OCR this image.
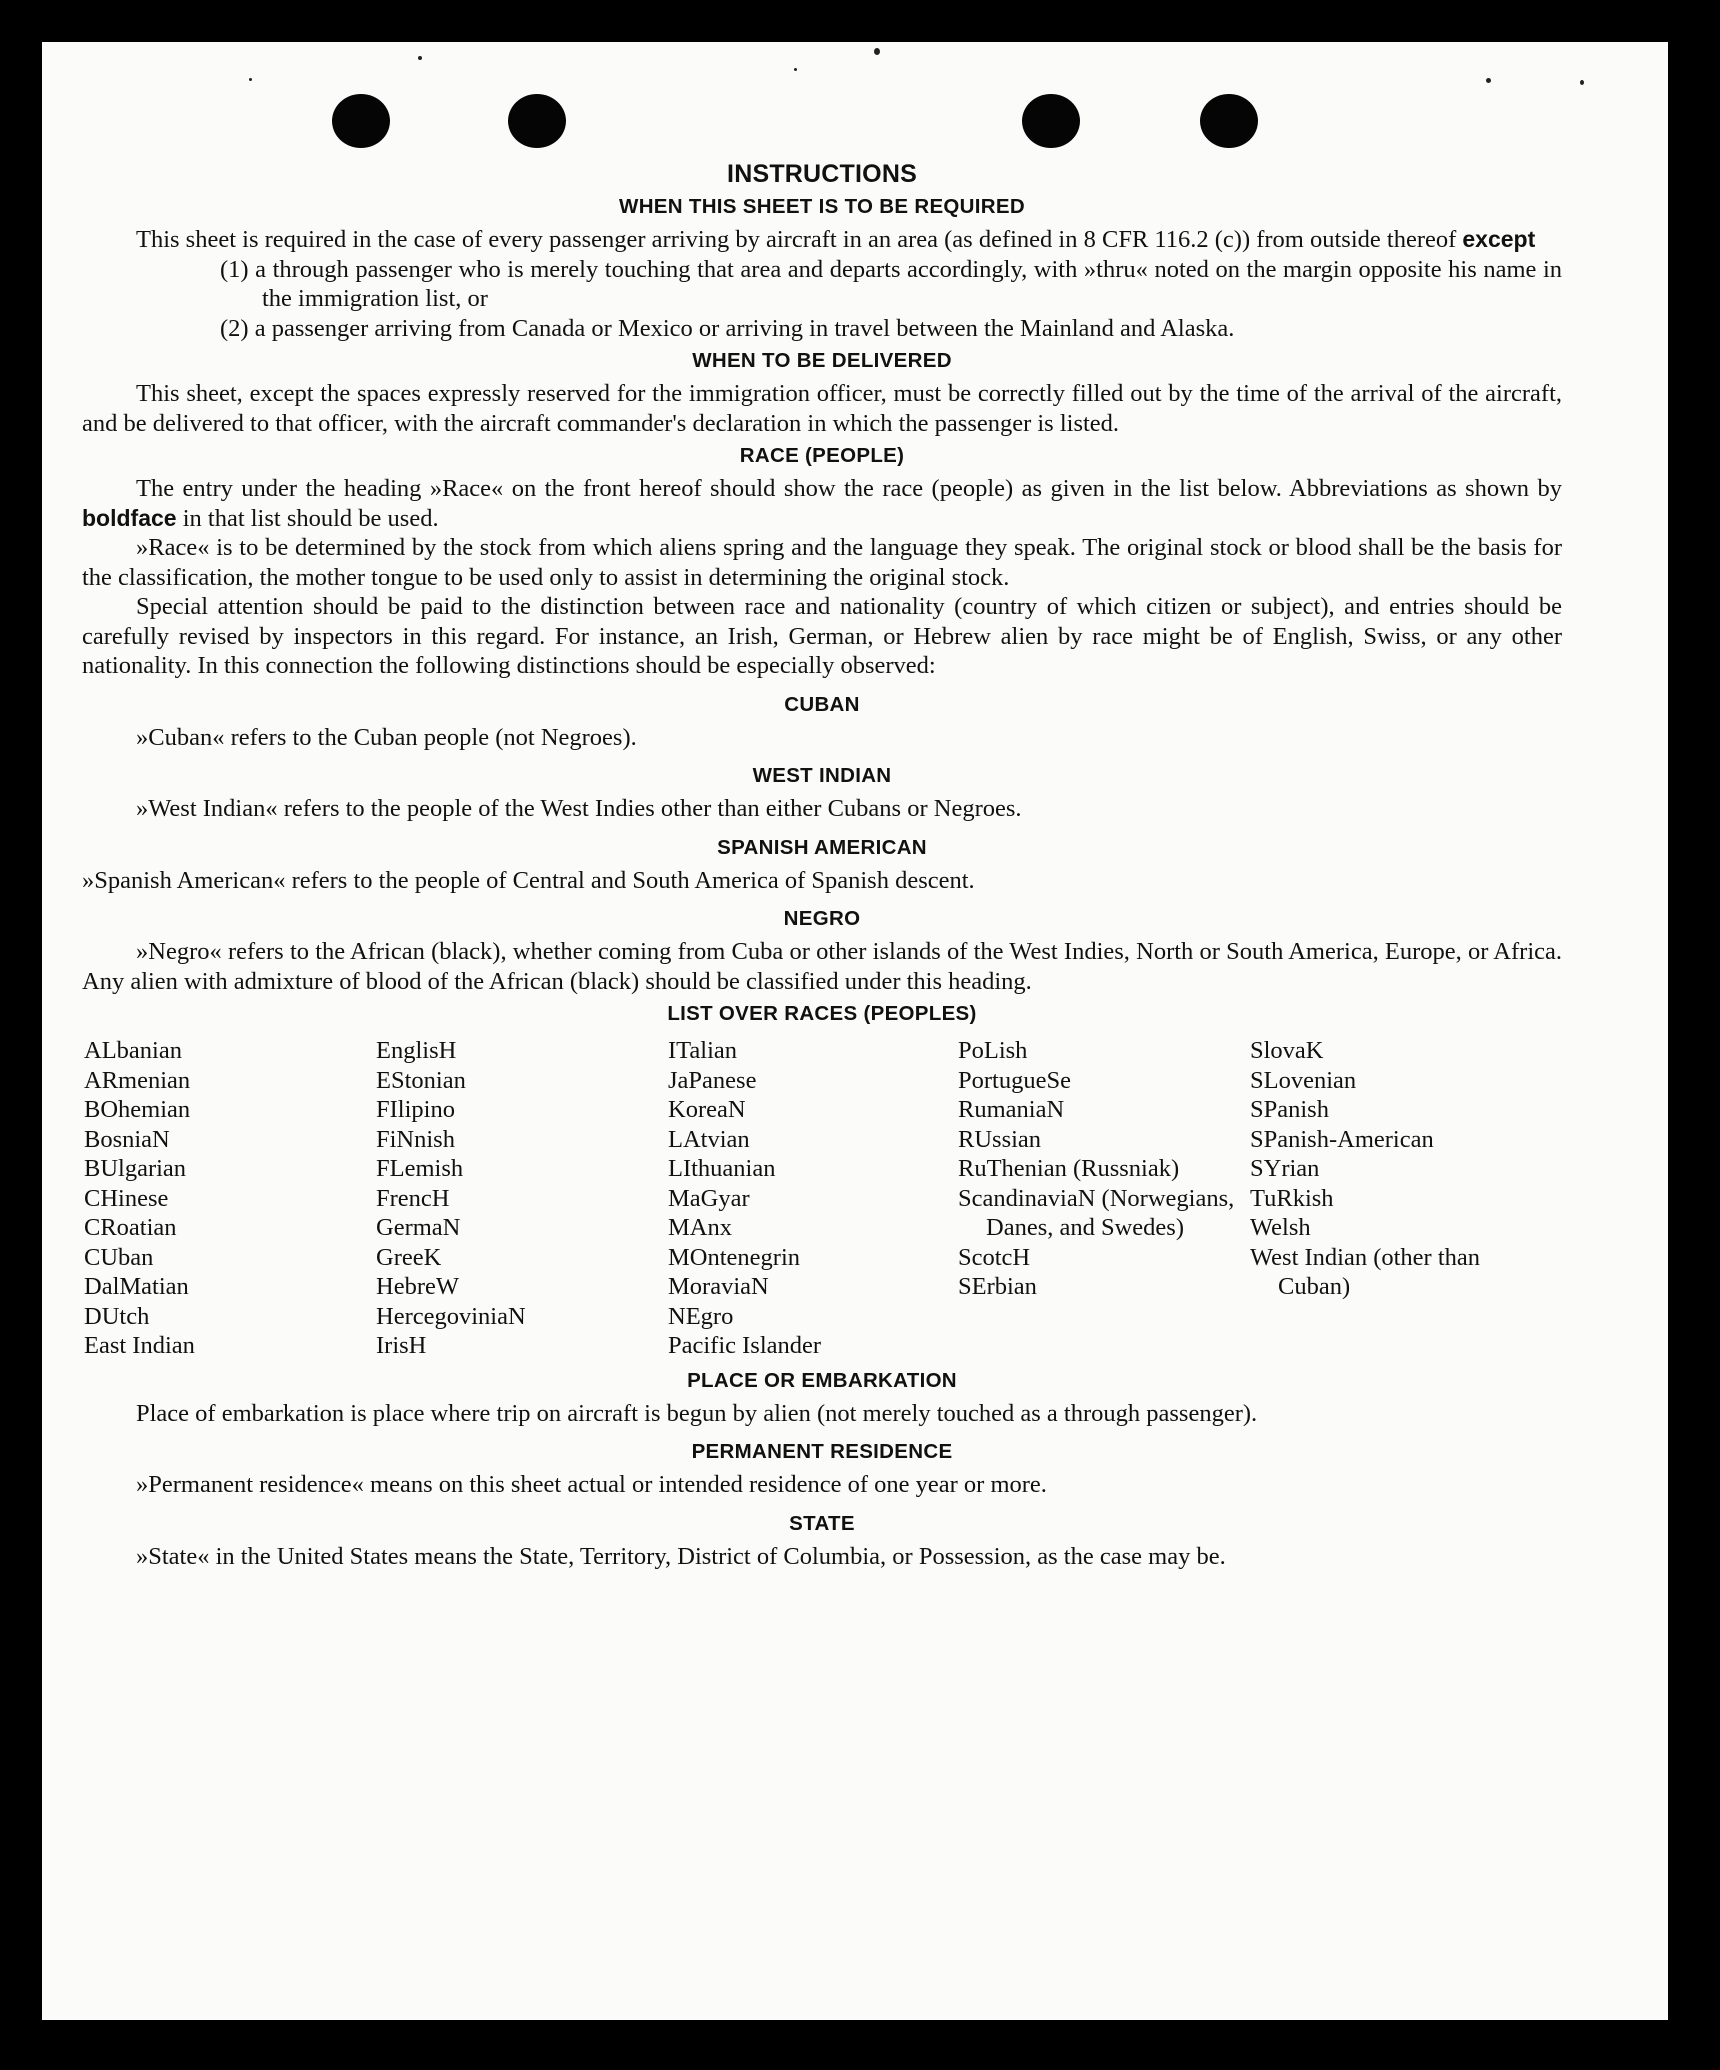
INSTRUCTIONS
WHEN THIS SHEET IS TO BE REQUIRED

This sheet is required in the case of every passenger arriving by aircraft in an area (as defined in 8 CFR 116.2 (c)) from outside thereof except

(1) a through passenger who is merely touching that area and departs accordingly, with »thru« noted on the margin opposite his name in the immigration list, or

(2) a passenger arriving from Canada or Mexico or arriving in travel between the Mainland and Alaska.

WHEN TO BE DELIVERED

This sheet, except the spaces expressly reserved for the immigration officer, must be correctly filled out by the time of the arrival of the aircraft, and be delivered to that officer, with the aircraft commander's declaration in which the passenger is listed.

RACE (PEOPLE)

The entry under the heading »Race« on the front hereof should show the race (people) as given in the list below. Abbreviations as shown by boldface in that list should be used.

»Race« is to be determined by the stock from which aliens spring and the language they speak. The original stock or blood shall be the basis for the classification, the mother tongue to be used only to assist in determining the original stock.

Special attention should be paid to the distinction between race and nationality (country of which citizen or subject), and entries should be carefully revised by inspectors in this regard. For instance, an Irish, German, or Hebrew alien by race might be of English, Swiss, or any other nationality. In this connection the following distinctions should be especially observed:

CUBAN

»Cuban« refers to the Cuban people (not Negroes).

WEST INDIAN

»West Indian« refers to the people of the West Indies other than either Cubans or Negroes.

SPANISH AMERICAN

»Spanish American« refers to the people of Central and South America of Spanish descent.

NEGRO

»Negro« refers to the African (black), whether coming from Cuba or other islands of the West Indies, North or South America, Europe, or Africa. Any alien with admixture of blood of the African (black) should be classified under this heading.

LIST OVER RACES (PEOPLES)
ALbanian
ARmenian
BOhemian
BosniaN
BUlgarian
CHinese
CRoatian
CUban
DalMatian
DUtch
East Indian
EnglisH
EStonian
FIlipino
FiNnish
FLemish
FrencH
GermaN
GreeK
HebreW
HercegoviniaN
IrisH
ITalian
JaPanese
KoreaN
LAtvian
LIthuanian
MaGyar
MAnx
MOntenegrin
MoraviaN
NEgro
Pacific Islander
PoLish
PortugueSe
RumaniaN
RUssian
RuThenian (Russniak)
ScandinaviaN (Norwegians, Danes, and Swedes)
ScotcH
SErbian
SlovaK
SLovenian
SPanish
SPanish-American
SYrian
TuRkish
Welsh
West Indian (other than Cuban)
PLACE OR EMBARKATION

Place of embarkation is place where trip on aircraft is begun by alien (not merely touched as a through passenger).

PERMANENT RESIDENCE

»Permanent residence« means on this sheet actual or intended residence of one year or more.

STATE

»State« in the United States means the State, Territory, District of Columbia, or Possession, as the case may be.
